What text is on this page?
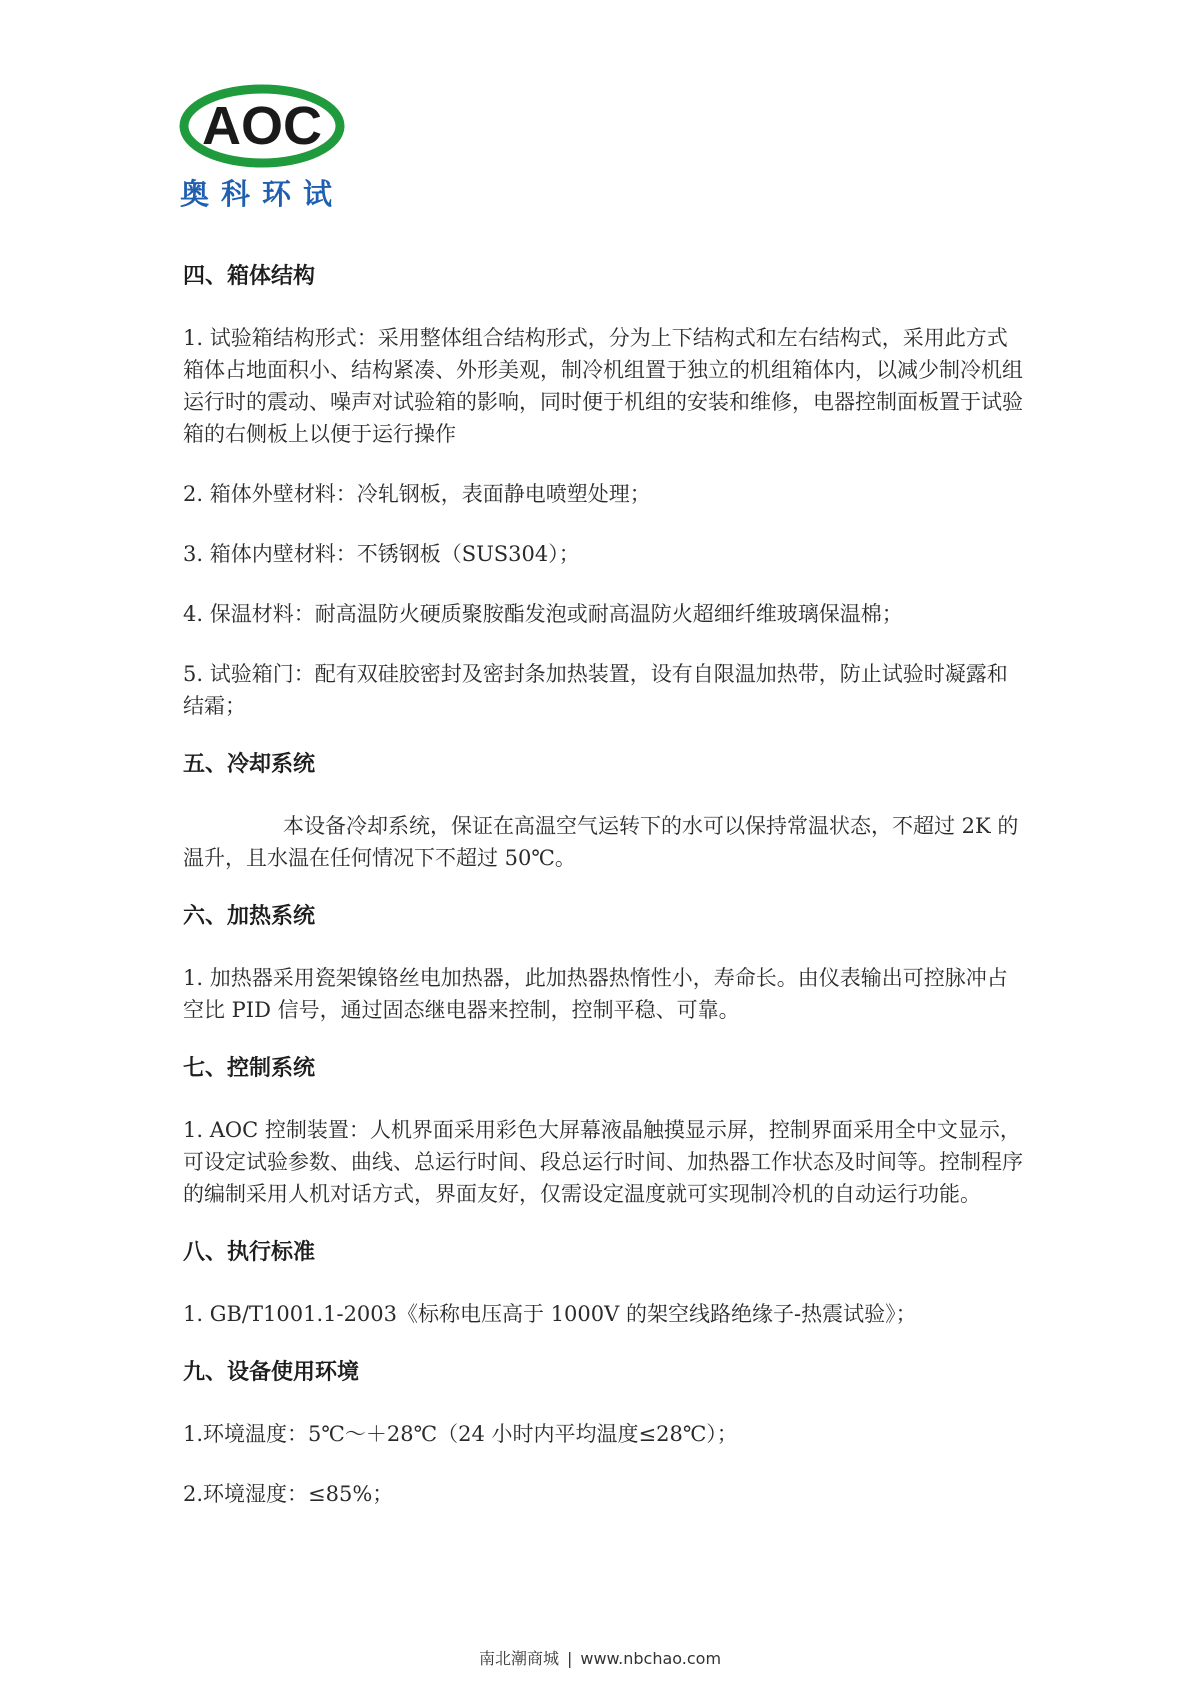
AOC
奥科环试
四、箱体结构
1. 试验箱结构形式：采用整体组合结构形式，分为上下结构式和左右结构式，采用此方式箱体占地面积小、结构紧凑、外形美观，制冷机组置于独立的机组箱体内，以减少制冷机组运行时的震动、噪声对试验箱的影响，同时便于机组的安装和维修，电器控制面板置于试验箱的右侧板上以便于运行操作
2. 箱体外壁材料：冷轧钢板，表面静电喷塑处理；
3. 箱体内壁材料：不锈钢板（SUS304）；
4. 保温材料：耐高温防火硬质聚胺酯发泡或耐高温防火超细纤维玻璃保温棉；
5. 试验箱门：配有双硅胶密封及密封条加热装置，设有自限温加热带，防止试验时凝露和结霜；
五、冷却系统
本设备冷却系统，保证在高温空气运转下的水可以保持常温状态，不超过 2K 的温升，且水温在任何情况下不超过 50℃。
六、加热系统
1. 加热器采用瓷架镍铬丝电加热器，此加热器热惰性小，寿命长。由仪表输出可控脉冲占空比 PID 信号，通过固态继电器来控制，控制平稳、可靠。
七、控制系统
1. AOC 控制装置：人机界面采用彩色大屏幕液晶触摸显示屏，控制界面采用全中文显示，可设定试验参数、曲线、总运行时间、段总运行时间、加热器工作状态及时间等。控制程序的编制采用人机对话方式，界面友好，仅需设定温度就可实现制冷机的自动运行功能。
八、执行标准
1. GB/T1001.1-2003《标称电压高于 1000V 的架空线路绝缘子-热震试验》；
九、设备使用环境
1.环境温度：5℃～＋28℃（24 小时内平均温度≤28℃）；
2.环境湿度：≤85%；
南北潮商城 | www.nbchao.com
